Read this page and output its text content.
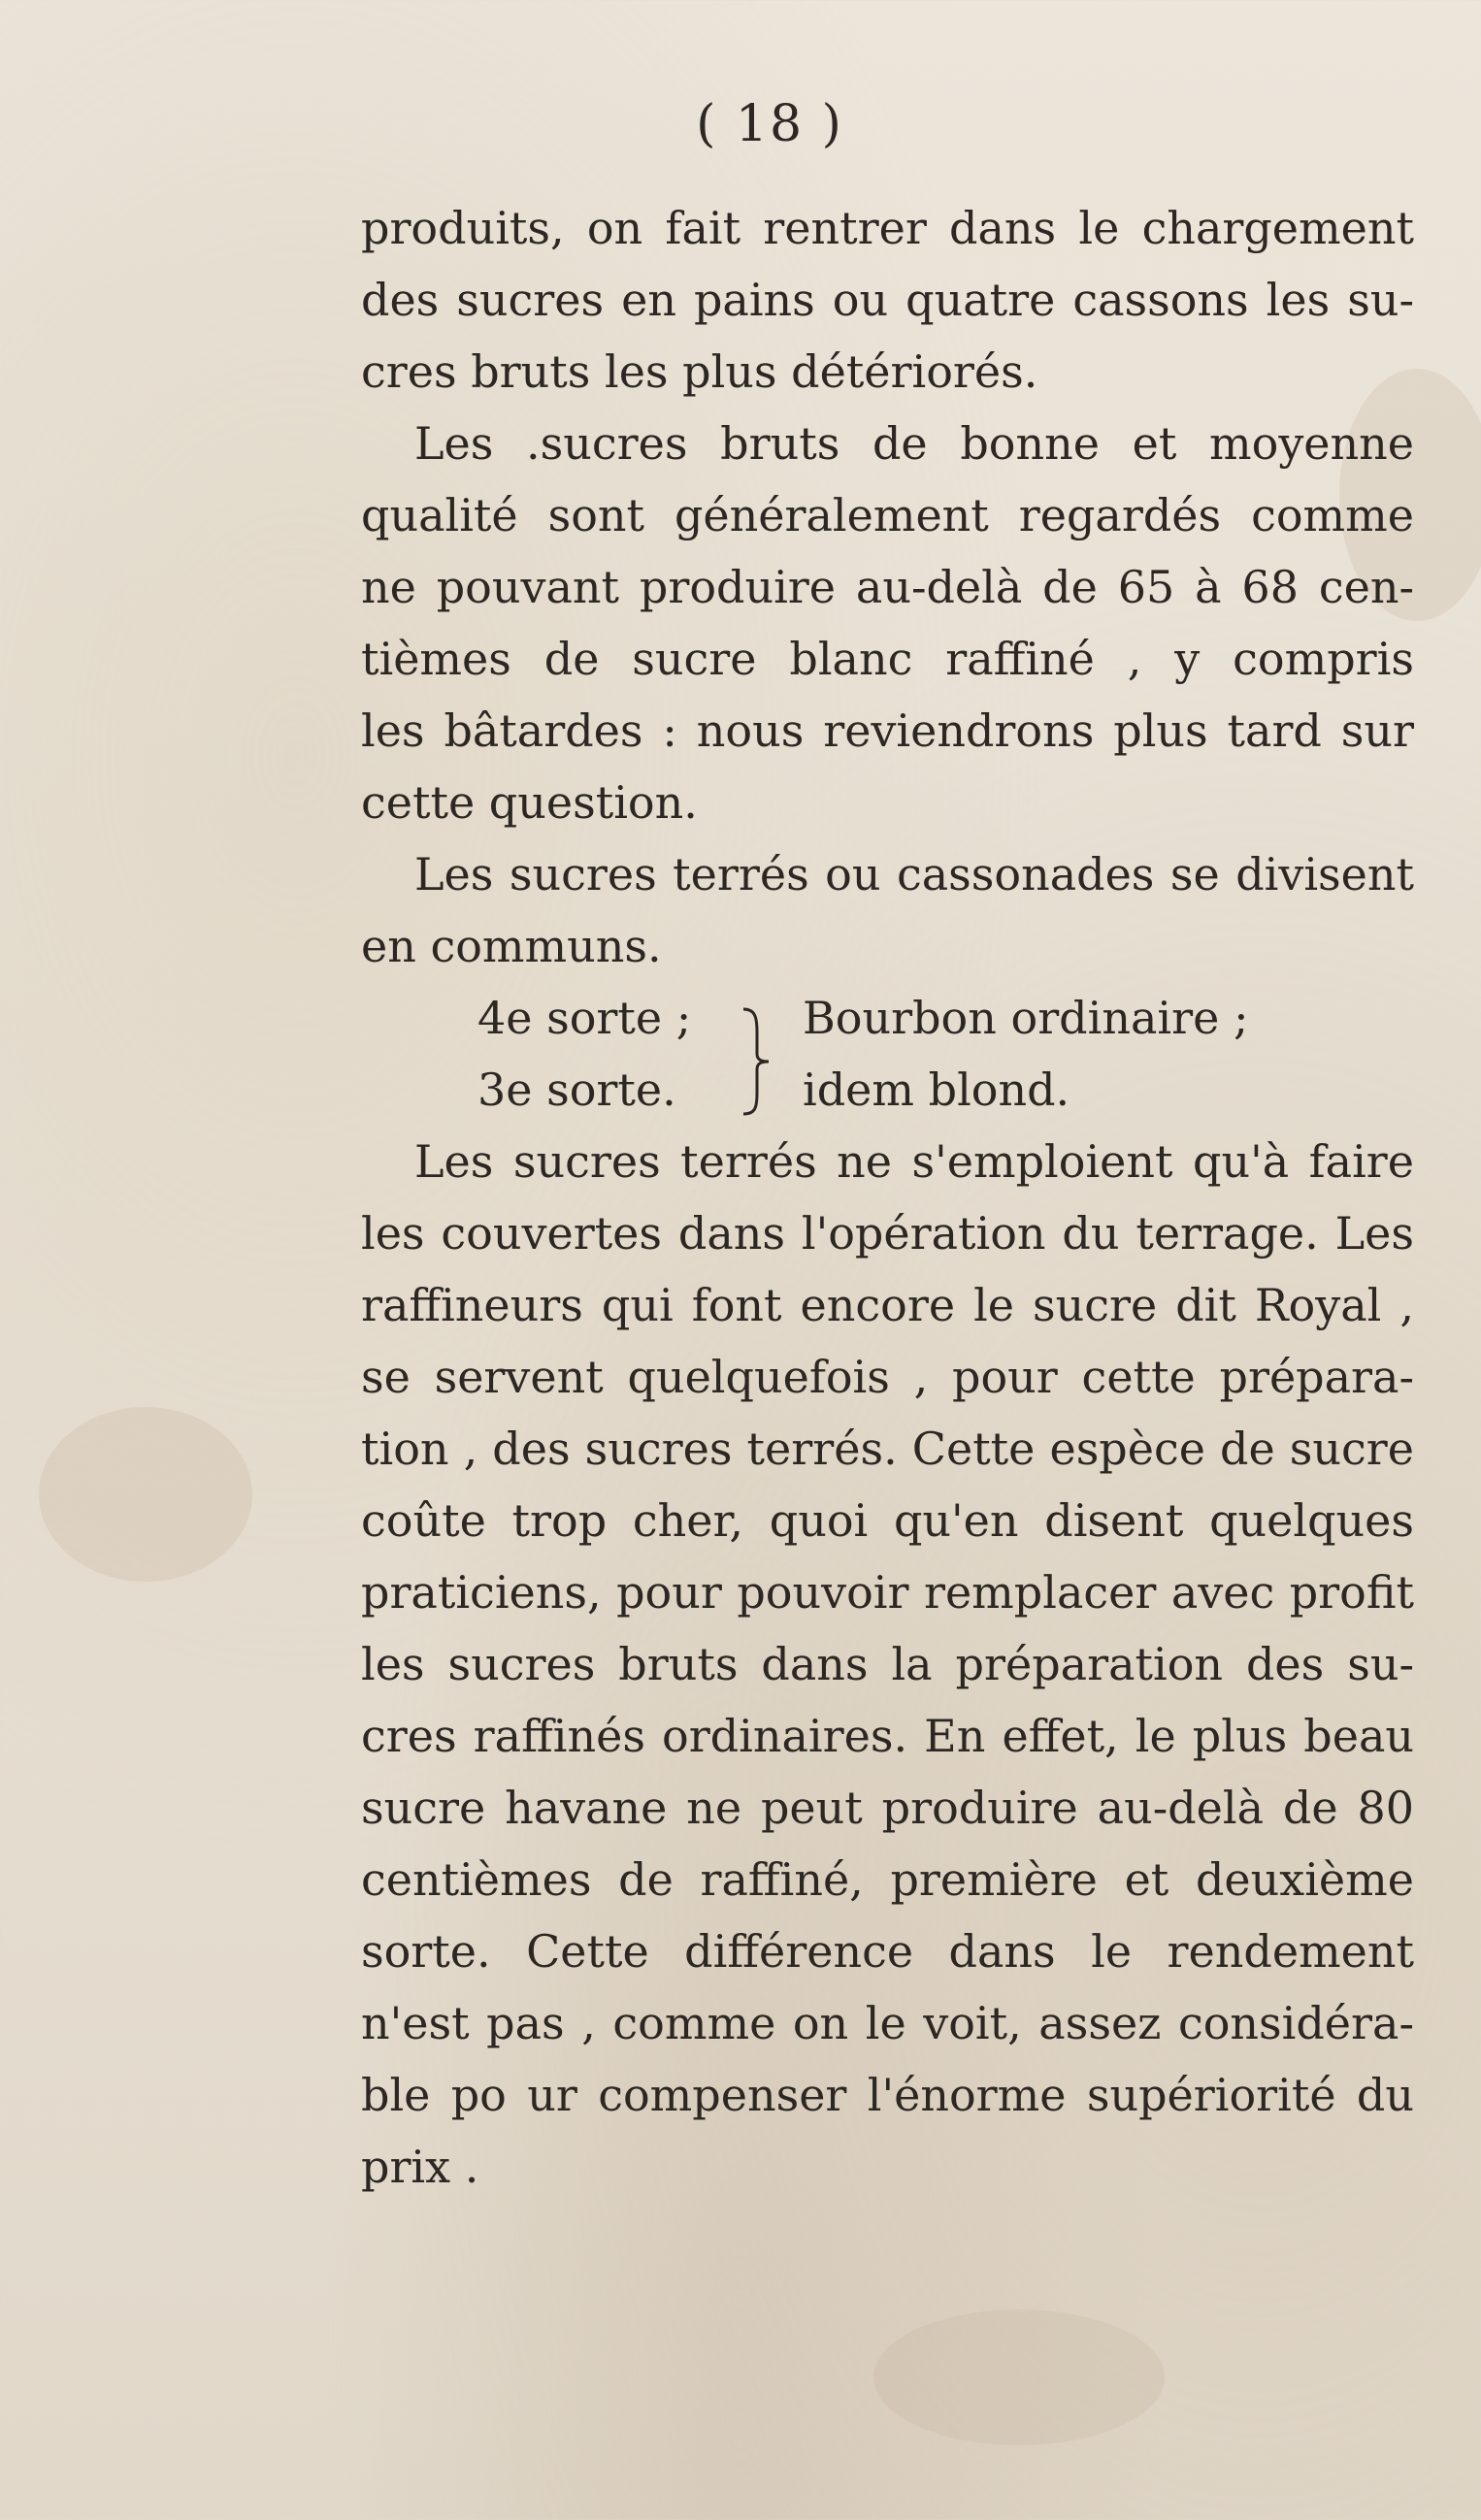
( 18 )
produits, on fait rentrer dans le chargement
des sucres en pains ou quatre cassons les su-
cres bruts les plus détériorés.
Les .sucres bruts de bonne et moyenne
qualité sont généralement regardés comme
ne pouvant produire au-delà de 65 à 68 cen-
tièmes de sucre blanc raffiné , y compris
les bâtardes : nous reviendrons plus tard sur
cette question.
Les sucres terrés ou cassonades se divisent
en communs.
4e sorte ;
3e sorte.
Bourbon ordinaire ;
idem blond.
Les sucres terrés ne s'emploient qu'à faire
les couvertes dans l'opération du terrage. Les
raffineurs qui font encore le sucre dit Royal ,
se servent quelquefois , pour cette prépara-
tion , des sucres terrés. Cette espèce de sucre
coûte trop cher, quoi qu'en disent quelques
praticiens, pour pouvoir remplacer avec profit
les sucres bruts dans la préparation des su-
cres raffinés ordinaires. En effet, le plus beau
sucre havane ne peut produire au-delà de 80
centièmes de raffiné, première et deuxième
sorte. Cette différence dans le rendement
n'est pas , comme on le voit, assez considéra-
ble po ur compenser l'énorme supériorité du
prix .
